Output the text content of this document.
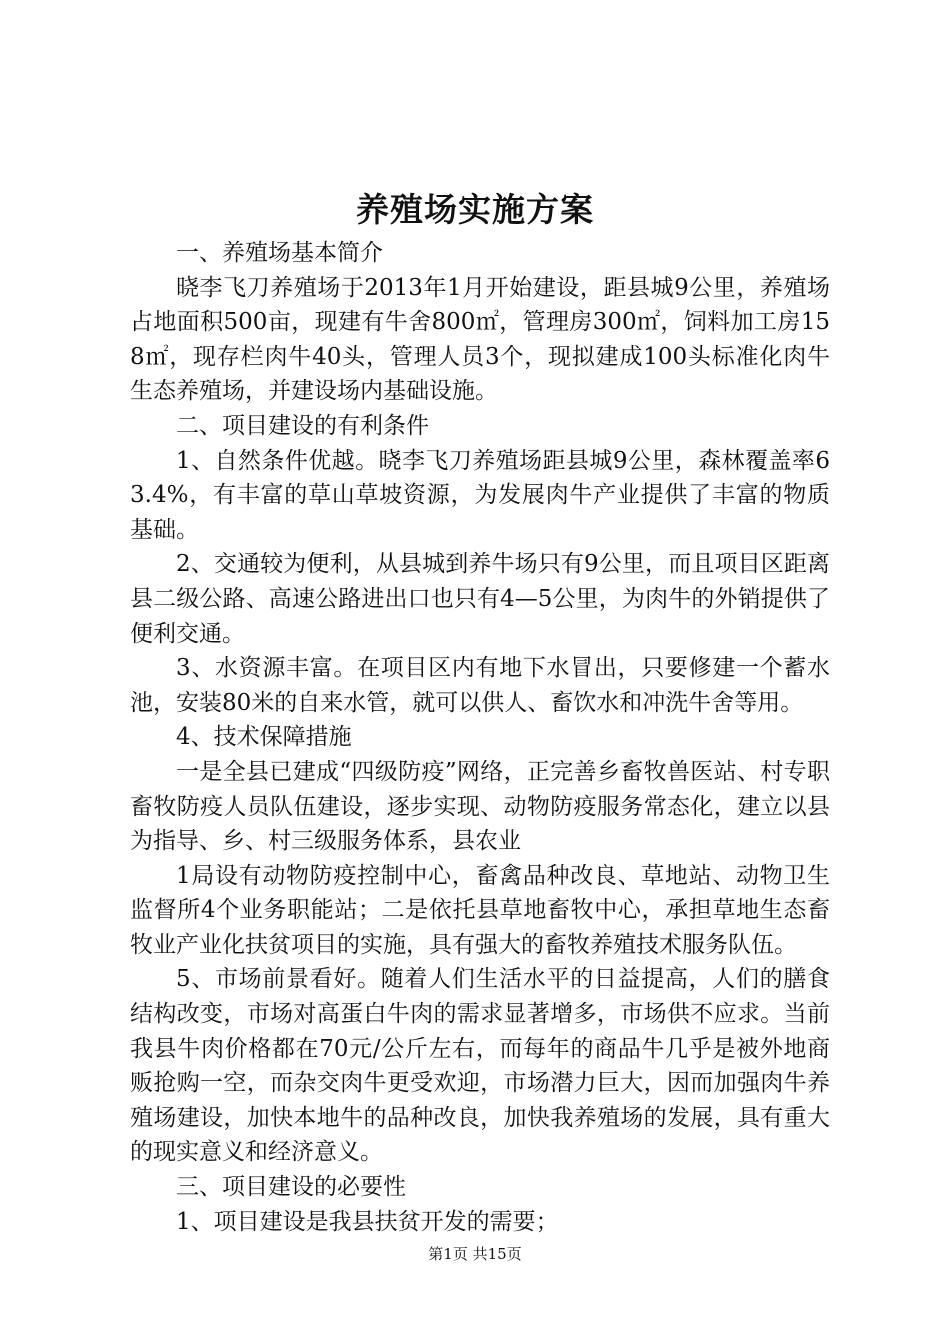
养殖场实施方案

一、养殖场基本简介

晓李飞刀养殖场于2013年1月开始建设，距县城9公里，养殖场占地面积500亩，现建有牛舍800㎡，管理房300㎡，饲料加工房158㎡，现存栏肉牛40头，管理人员3个，现拟建成100头标准化肉牛生态养殖场，并建设场内基础设施。

二、项目建设的有利条件

1、自然条件优越。晓李飞刀养殖场距县城9公里，森林覆盖率63.4%，有丰富的草山草坡资源，为发展肉牛产业提供了丰富的物质基础。

2、交通较为便利，从县城到养牛场只有9公里，而且项目区距离县二级公路、高速公路进出口也只有4—5公里，为肉牛的外销提供了便利交通。

3、水资源丰富。在项目区内有地下水冒出，只要修建一个蓄水池，安装80米的自来水管，就可以供人、畜饮水和冲洗牛舍等用。

4、技术保障措施

一是全县已建成“四级防疫”网络，正完善乡畜牧兽医站、村专职畜牧防疫人员队伍建设，逐步实现、动物防疫服务常态化，建立以县为指导、乡、村三级服务体系，县农业

1局设有动物防疫控制中心，畜禽品种改良、草地站、动物卫生监督所4个业务职能站；二是依托县草地畜牧中心，承担草地生态畜牧业产业化扶贫项目的实施，具有强大的畜牧养殖技术服务队伍。

5、市场前景看好。随着人们生活水平的日益提高，人们的膳食结构改变，市场对高蛋白牛肉的需求显著增多，市场供不应求。当前我县牛肉价格都在70元/公斤左右，而每年的商品牛几乎是被外地商贩抢购一空，而杂交肉牛更受欢迎，市场潜力巨大，因而加强肉牛养殖场建设，加快本地牛的品种改良，加快我养殖场的发展，具有重大的现实意义和经济意义。

三、项目建设的必要性

1、项目建设是我县扶贫开发的需要；

第1页 共15页
